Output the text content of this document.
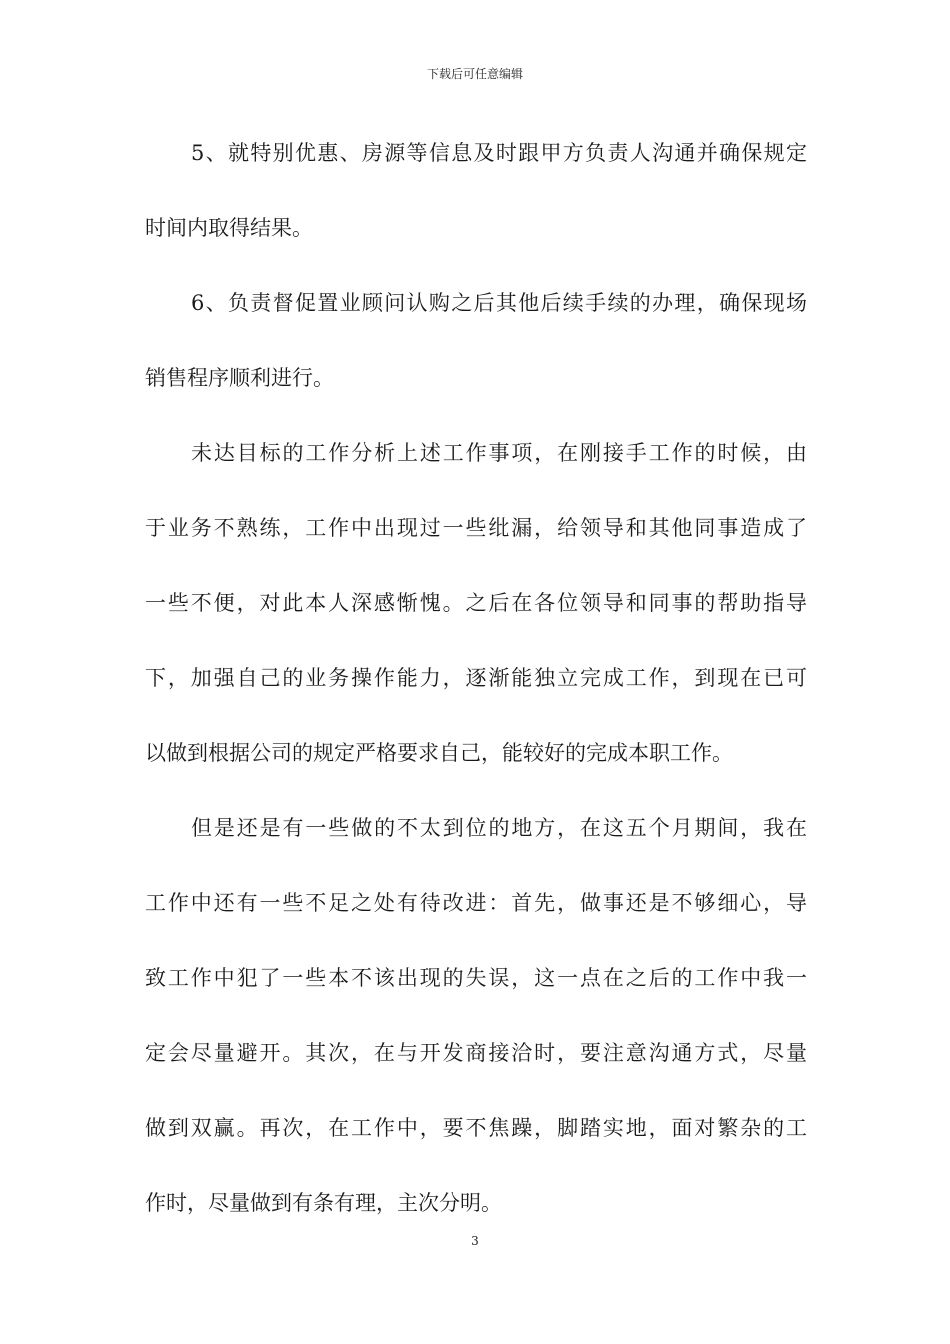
下载后可任意编辑
5、就特别优惠、房源等信息及时跟甲方负责人沟通并确保规定
时间内取得结果。
6、负责督促置业顾问认购之后其他后续手续的办理，确保现场
销售程序顺利进行。
未达目标的工作分析上述工作事项，在刚接手工作的时候，由
于业务不熟练，工作中出现过一些纰漏，给领导和其他同事造成了
一些不便，对此本人深感惭愧。之后在各位领导和同事的帮助指导
下，加强自己的业务操作能力，逐渐能独立完成工作，到现在已可
以做到根据公司的规定严格要求自己，能较好的完成本职工作。
但是还是有一些做的不太到位的地方，在这五个月期间，我在
工作中还有一些不足之处有待改进：首先，做事还是不够细心，导
致工作中犯了一些本不该出现的失误，这一点在之后的工作中我一
定会尽量避开。其次，在与开发商接洽时，要注意沟通方式，尽量
做到双赢。再次，在工作中，要不焦躁，脚踏实地，面对繁杂的工
作时，尽量做到有条有理，主次分明。
3
